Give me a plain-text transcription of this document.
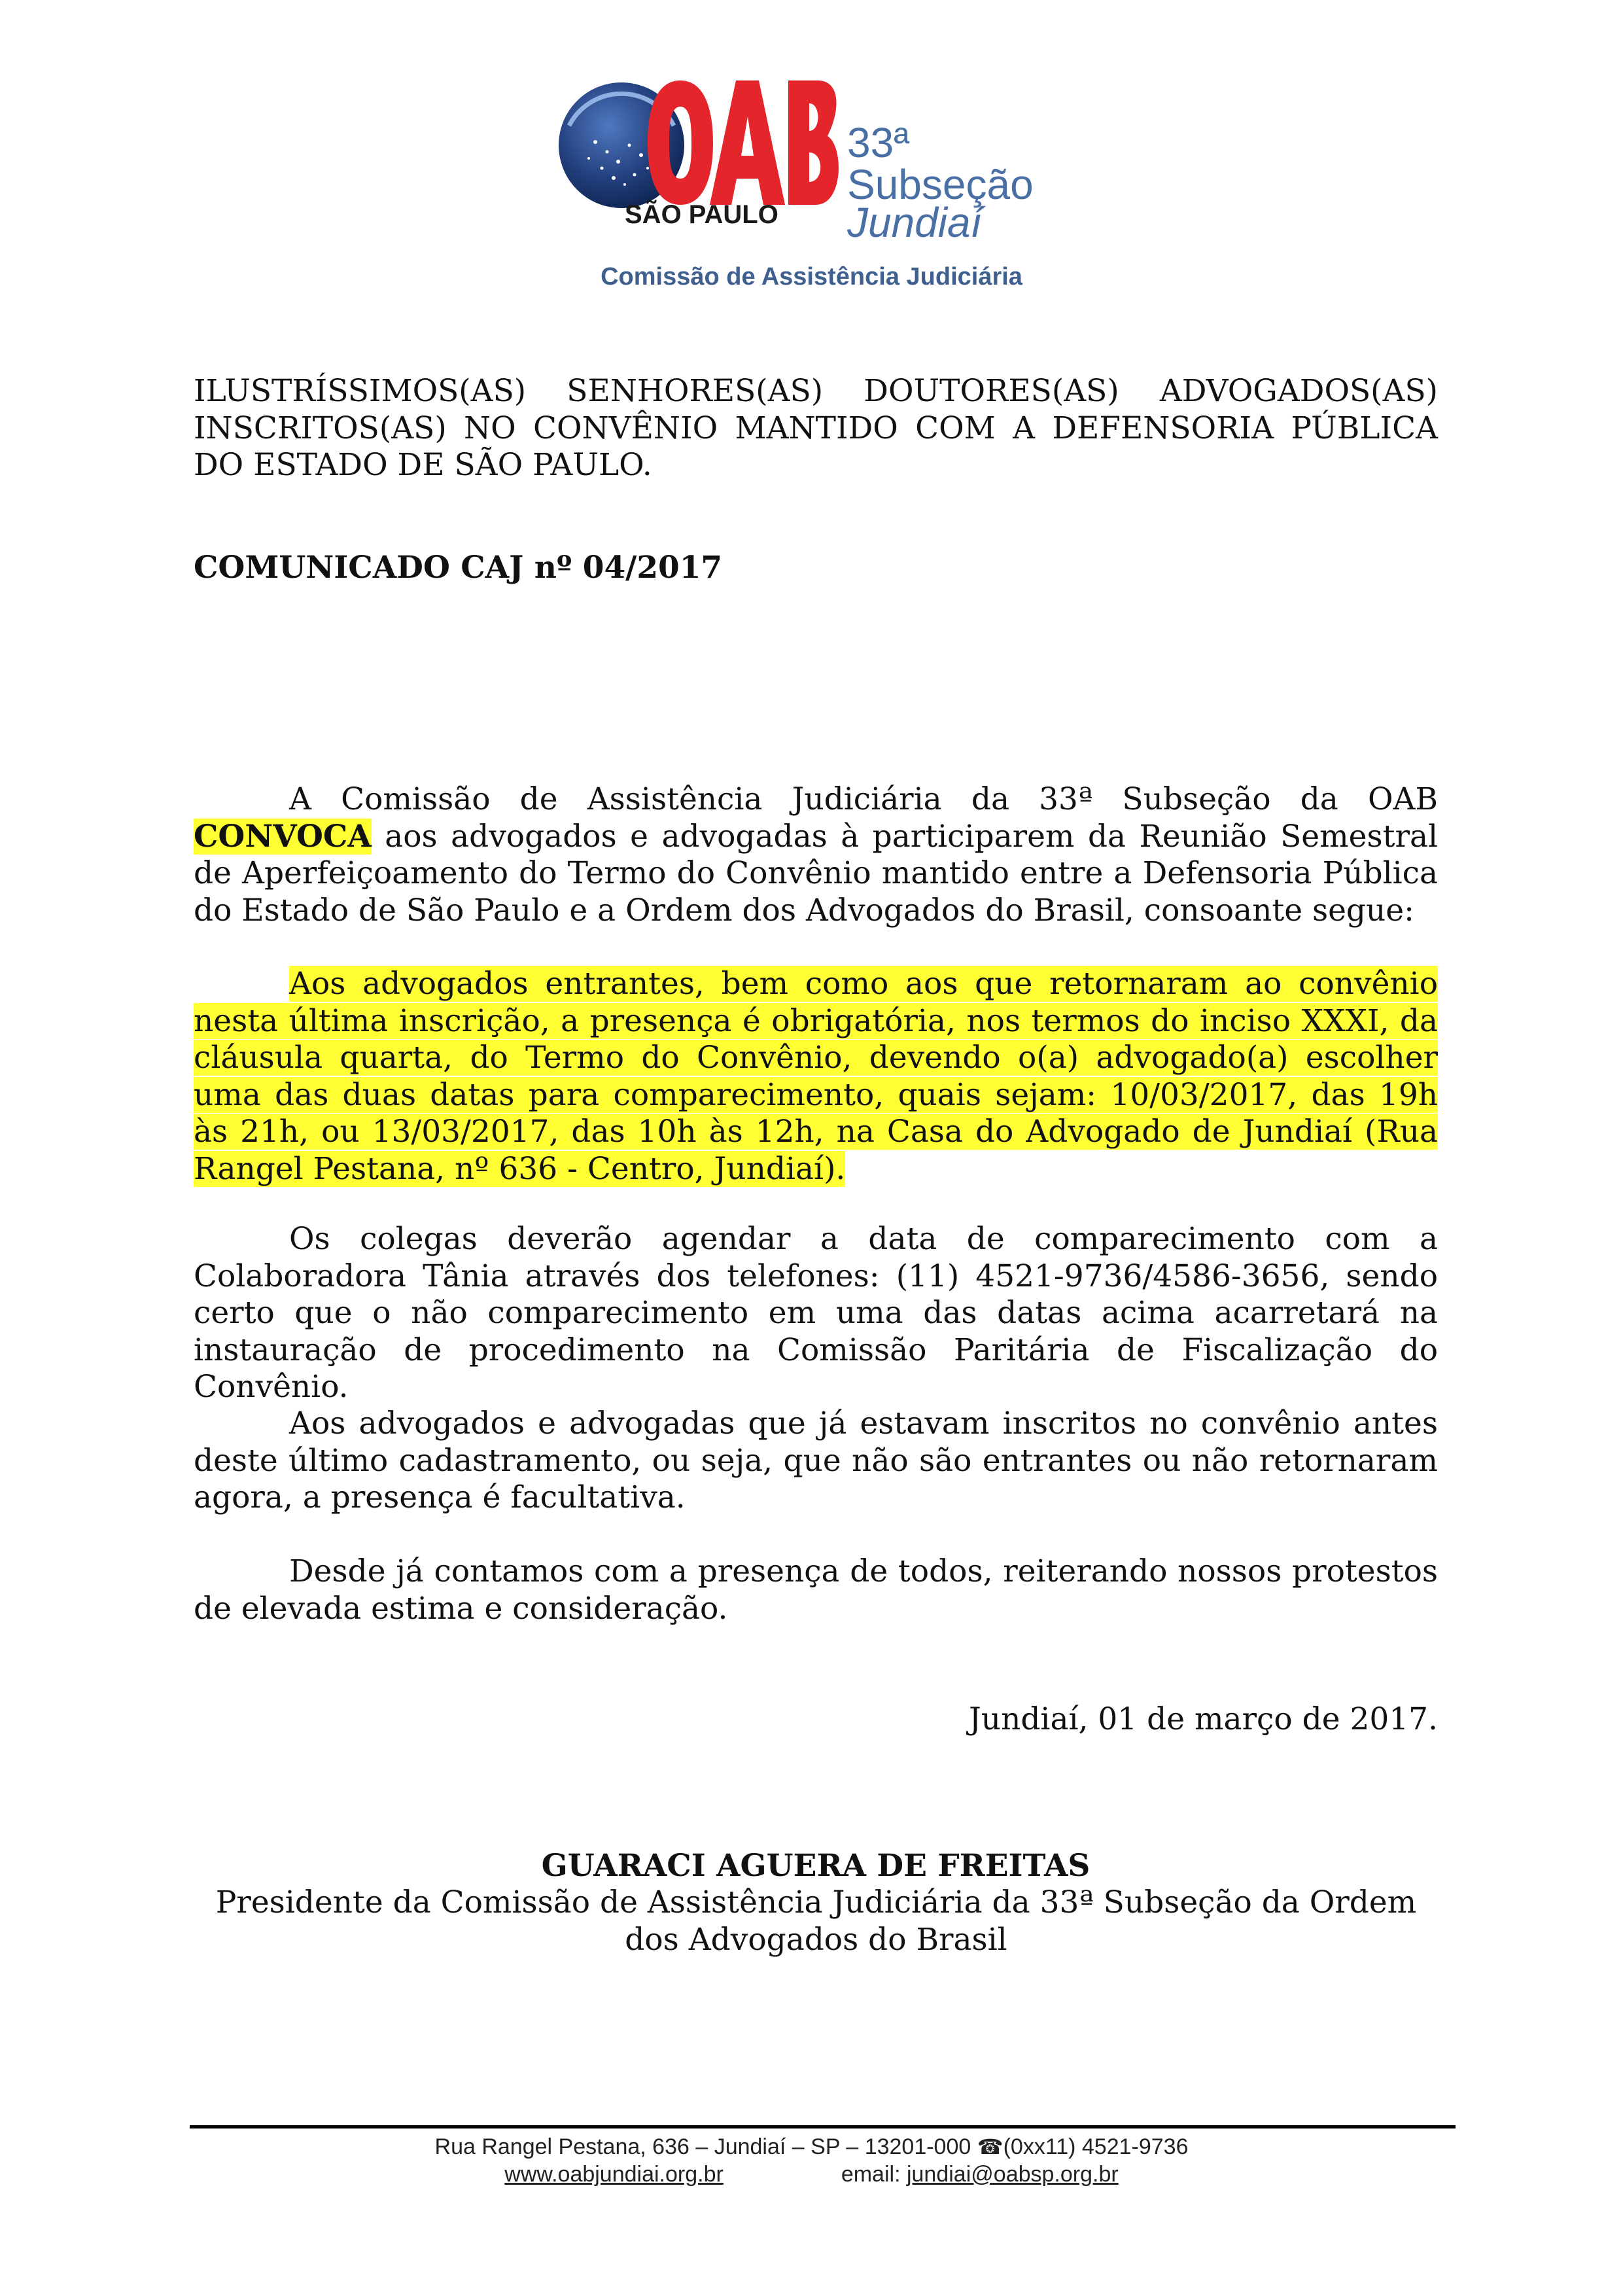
SÃO PAULO
33ª Subseção
Jundiaí
Comissão de Assistência Judiciária

ILUSTRÍSSIMOS(AS) SENHORES(AS) DOUTORES(AS) ADVOGADOS(AS) INSCRITOS(AS) NO CONVÊNIO MANTIDO COM A DEFENSORIA PÚBLICA DO ESTADO DE SÃO PAULO.

COMUNICADO CAJ nº 04/2017
A Comissão de Assistência Judiciária da 33ª Subseção da OAB CONVOCA aos advogados e advogadas à participarem da Reunião Semestral de Aperfeiçoamento do Termo do Convênio mantido entre a Defensoria Pública do Estado de São Paulo e a Ordem dos Advogados do Brasil, consoante segue:
Aos advogados entrantes, bem como aos que retornaram ao convênio nesta última inscrição, a presença é obrigatória, nos termos do inciso XXXI, da cláusula quarta, do Termo do Convênio, devendo o(a) advogado(a) escolher uma das duas datas para comparecimento, quais sejam: 10/03/2017, das 19h às 21h, ou 13/03/2017, das 10h às 12h, na Casa do Advogado de Jundiaí (Rua Rangel Pestana, nº 636 - Centro, Jundiaí).
Os colegas deverão agendar a data de comparecimento com a Colaboradora Tânia através dos telefones: (11) 4521-9736/4586-3656, sendo certo que o não comparecimento em uma das datas acima acarretará na instauração de procedimento na Comissão Paritária de Fiscalização do Convênio.
Aos advogados e advogadas que já estavam inscritos no convênio antes deste último cadastramento, ou seja, que não são entrantes ou não retornaram agora, a presença é facultativa.
Desde já contamos com a presença de todos, reiterando nossos protestos de elevada estima e consideração.
Jundiaí, 01 de março de 2017.
GUARACI AGUERA DE FREITAS
Presidente da Comissão de Assistência Judiciária da 33ª Subseção da Ordem dos Advogados do Brasil
Rua Rangel Pestana, 636 – Jundiaí – SP – 13201-000 ☎(0xx11) 4521-9736
www.oabjundiai.org.br	email: jundiai@oabsp.org.br
